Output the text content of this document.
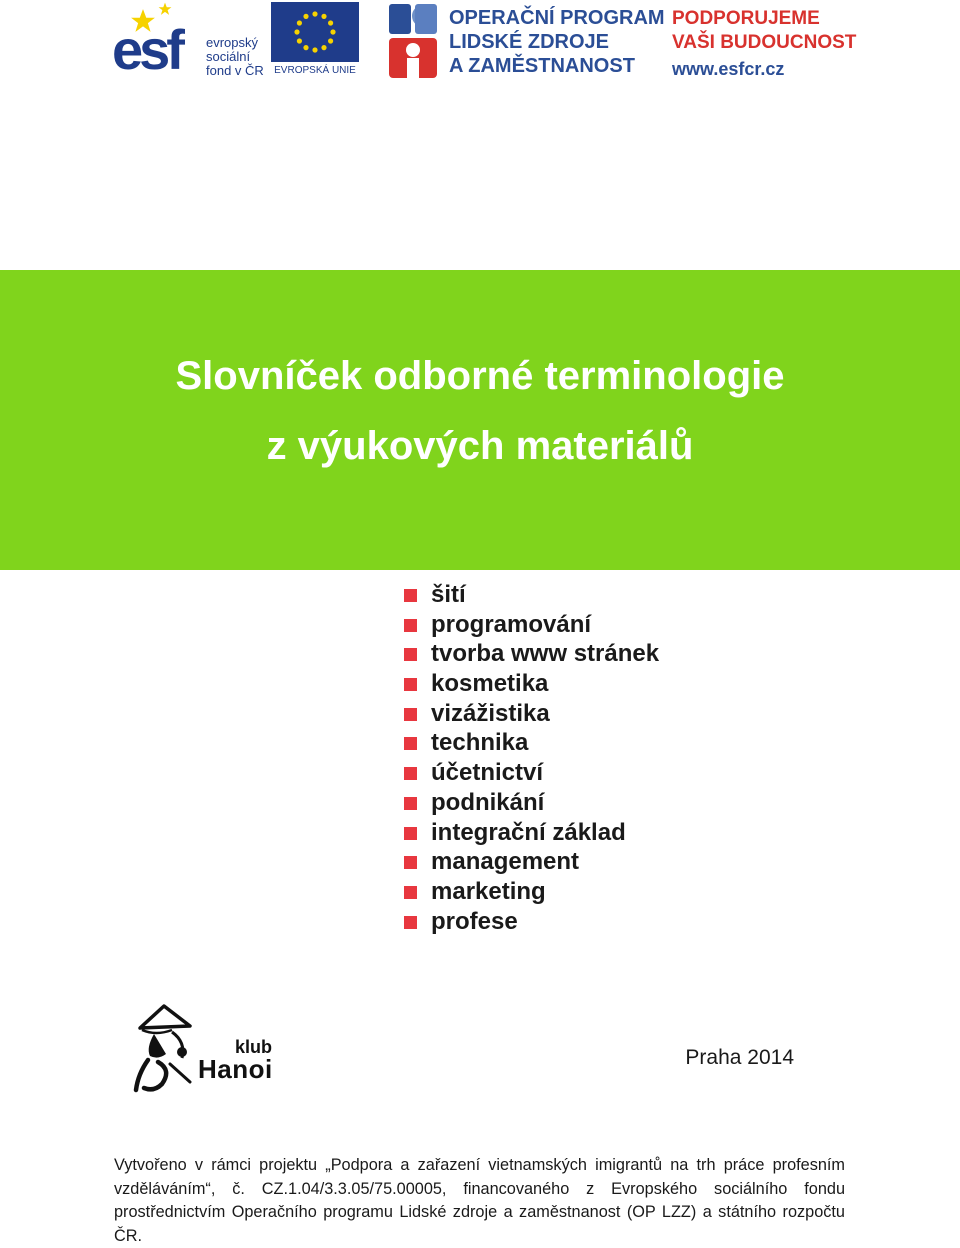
esf evropský
sociální
fond v ČR	EVROPSKÁ UNIE
OPERAČNÍ PROGRAM
LIDSKÉ ZDROJE
A ZAMĚSTNANOST
PODPORUJEME
VAŠI BUDOUCNOST
www.esfcr.cz
Slovníček odborné terminologie
z výukových materiálů
šití
programování
tvorba www stránek
kosmetika
vizážistika
technika
účetnictví
podnikání
integrační základ
management
marketing
profese
klub
Hanoi	Praha 2014

Vytvořeno v rámci projektu „Podpora a zařazení vietnamských imigrantů na trh práce profesním vzděláváním“, č. CZ.1.04/3.3.05/75.00005, financovaného z Evropského sociálního fondu prostřednictvím Operačního programu Lidské zdroje a zaměstnanost (OP LZZ) a státního rozpočtu ČR.
